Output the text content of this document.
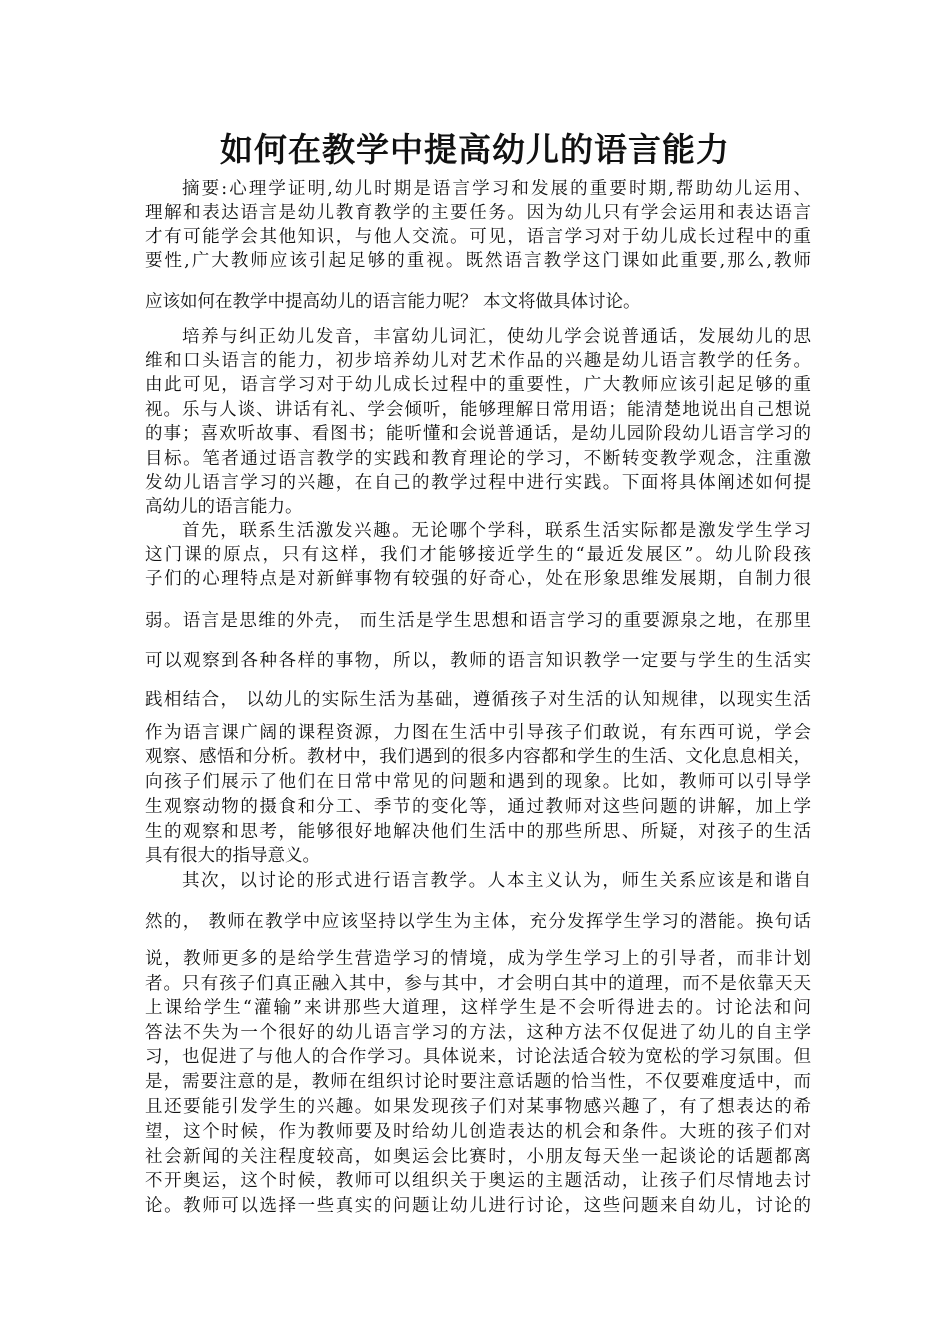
如何在教学中提高幼儿的语言能力
摘要:心理学证明,幼儿时期是语言学习和发展的重要时期,帮助幼儿运用、
理解和表达语言是幼儿教育教学的主要任务。因为幼儿只有学会运用和表达语言
才有可能学会其他知识，与他人交流。可见，语言学习对于幼儿成长过程中的重
要性,广大教师应该引起足够的重视。既然语言教学这门课如此重要,那么,教师
应该如何在教学中提高幼儿的语言能力呢？ 本文将做具体讨论。
培养与纠正幼儿发音，丰富幼儿词汇，使幼儿学会说普通话，发展幼儿的思
维和口头语言的能力，初步培养幼儿对艺术作品的兴趣是幼儿语言教学的任务。
由此可见，语言学习对于幼儿成长过程中的重要性，广大教师应该引起足够的重
视。乐与人谈、讲话有礼、学会倾听，能够理解日常用语；能清楚地说出自己想说
的事；喜欢听故事、看图书；能听懂和会说普通话，是幼儿园阶段幼儿语言学习的
目标。笔者通过语言教学的实践和教育理论的学习，不断转变教学观念，注重激
发幼儿语言学习的兴趣，在自己的教学过程中进行实践。下面将具体阐述如何提
高幼儿的语言能力。
首先，联系生活激发兴趣。无论哪个学科，联系生活实际都是激发学生学习
这门课的原点，只有这样，我们才能够接近学生的“最近发展区”。幼儿阶段孩
子们的心理特点是对新鲜事物有较强的好奇心，处在形象思维发展期，自制力很
弱。语言是思维的外壳， 而生活是学生思想和语言学习的重要源泉之地，在那里
可以观察到各种各样的事物，所以，教师的语言知识教学一定要与学生的生活实
践相结合， 以幼儿的实际生活为基础，遵循孩子对生活的认知规律，以现实生活
作为语言课广阔的课程资源，力图在生活中引导孩子们敢说，有东西可说，学会
观察、感悟和分析。教材中，我们遇到的很多内容都和学生的生活、文化息息相关，
向孩子们展示了他们在日常中常见的问题和遇到的现象。比如，教师可以引导学
生观察动物的摄食和分工、季节的变化等，通过教师对这些问题的讲解，加上学
生的观察和思考，能够很好地解决他们生活中的那些所思、所疑，对孩子的生活
具有很大的指导意义。
其次，以讨论的形式进行语言教学。人本主义认为，师生关系应该是和谐自
然的， 教师在教学中应该坚持以学生为主体，充分发挥学生学习的潜能。换句话
说，教师更多的是给学生营造学习的情境，成为学生学习上的引导者，而非计划
者。只有孩子们真正融入其中，参与其中，才会明白其中的道理，而不是依靠天天
上课给学生“灌输”来讲那些大道理，这样学生是不会听得进去的。讨论法和问
答法不失为一个很好的幼儿语言学习的方法，这种方法不仅促进了幼儿的自主学
习，也促进了与他人的合作学习。具体说来，讨论法适合较为宽松的学习氛围。但
是，需要注意的是，教师在组织讨论时要注意话题的恰当性，不仅要难度适中，而
且还要能引发学生的兴趣。如果发现孩子们对某事物感兴趣了，有了想表达的希
望，这个时候，作为教师要及时给幼儿创造表达的机会和条件。大班的孩子们对
社会新闻的关注程度较高，如奥运会比赛时，小朋友每天坐一起谈论的话题都离
不开奥运，这个时候，教师可以组织关于奥运的主题活动，让孩子们尽情地去讨
论。教师可以选择一些真实的问题让幼儿进行讨论，这些问题来自幼儿，讨论的
